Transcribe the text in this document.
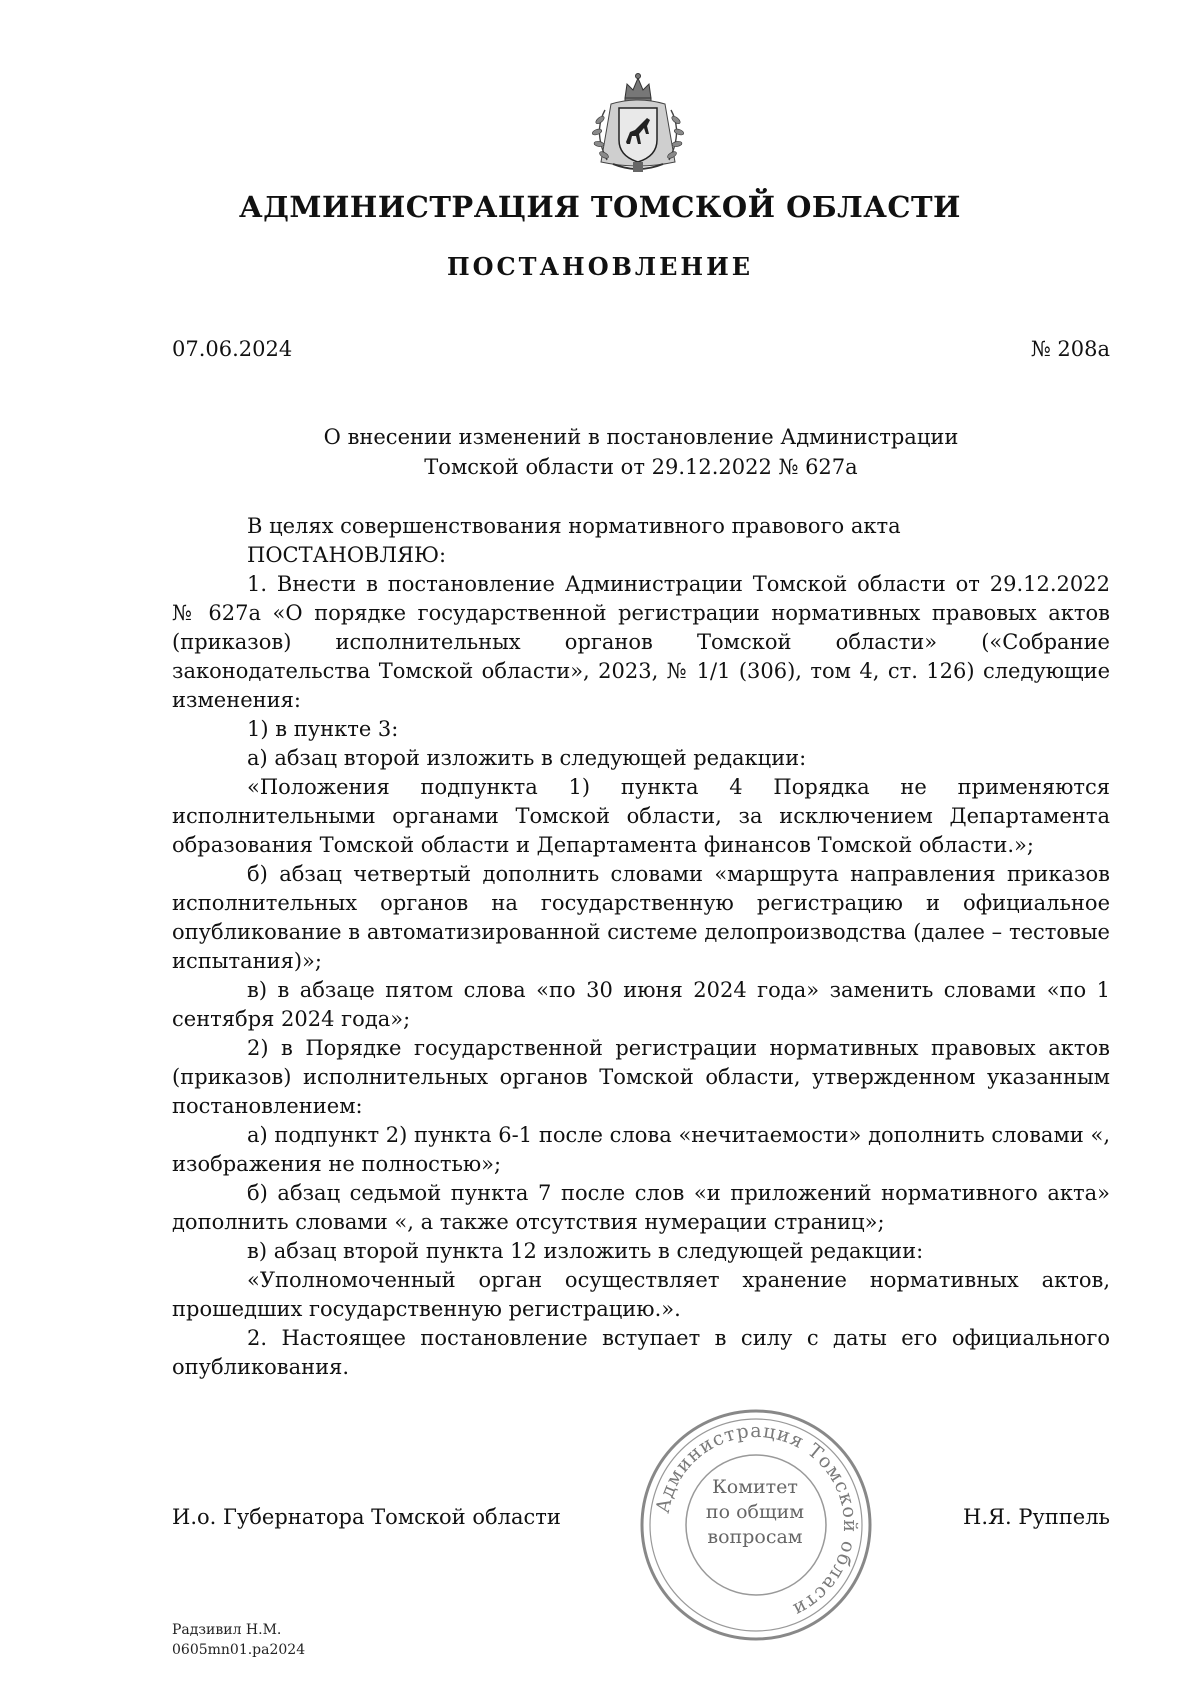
АДМИНИСТРАЦИЯ ТОМСКОЙ ОБЛАСТИ
ПОСТАНОВЛЕНИЕ
07.06.2024	№ 208а
О внесении изменений в постановление Администрации
Томской области от 29.12.2022 № 627а

В целях совершенствования нормативного правового акта

ПОСТАНОВЛЯЮ:

1. Внести в постановление Администрации Томской области от 29.12.2022 № 627а «О порядке государственной регистрации нормативных правовых актов (приказов) исполнительных органов Томской области» («Собрание законодательства Томской области», 2023, № 1/1 (306), том 4, ст. 126) следующие изменения:

1) в пункте 3:

а) абзац второй изложить в следующей редакции:

«Положения подпункта 1) пункта 4 Порядка не применяются исполнительными органами Томской области, за исключением Департамента образования Томской области и Департамента финансов Томской области.»;

б) абзац четвертый дополнить словами «маршрута направления приказов исполнительных органов на государственную регистрацию и официальное опубликование в автоматизированной системе делопроизводства (далее – тестовые испытания)»;

в) в абзаце пятом слова «по 30 июня 2024 года» заменить словами «по 1 сентября 2024 года»;

2) в Порядке государственной регистрации нормативных правовых актов (приказов) исполнительных органов Томской области, утвержденном указанным постановлением:

а) подпункт 2) пункта 6-1 после слова «нечитаемости» дополнить словами «, изображения не полностью»;

б) абзац седьмой пункта 7 после слов «и приложений нормативного акта» дополнить словами «, а также отсутствия нумерации страниц»;

в) абзац второй пункта 12 изложить в следующей редакции:

«Уполномоченный орган осуществляет хранение нормативных актов, прошедших государственную регистрацию.».

2. Настоящее постановление вступает в силу с даты его официального опубликования.

Администрация Томской области
Комитет
по общим
вопросам
И.о. Губернатора Томской области	Н.Я. Руппель
Радзивил Н.М.
0605mn01.pa2024
